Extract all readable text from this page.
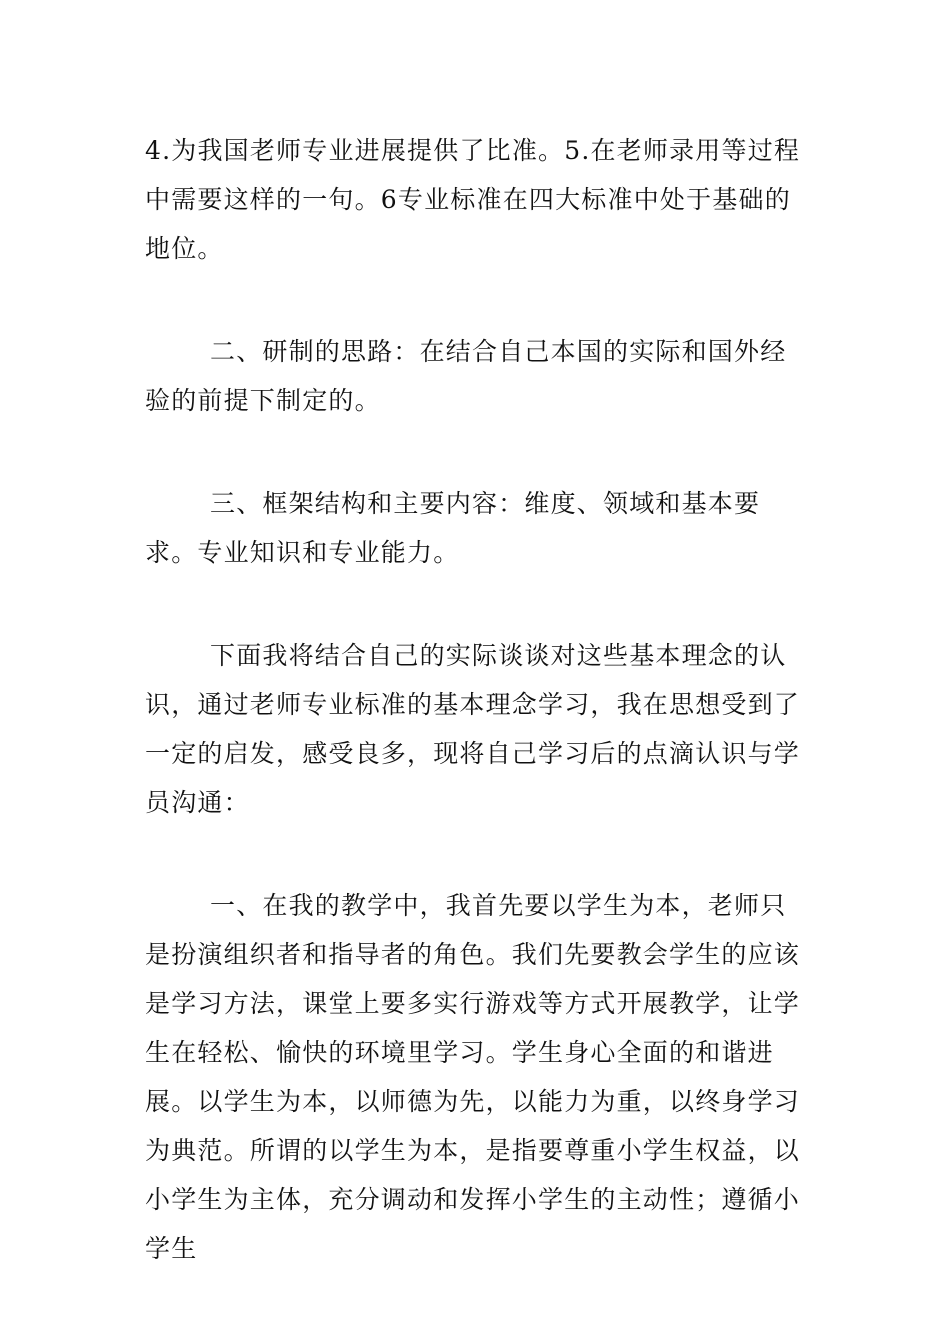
4.为我国老师专业进展提供了比准。5.在老师录用等过程中需要这样的一句。6专业标准在四大标准中处于基础的地位。

二、研制的思路：在结合自己本国的实际和国外经验的前提下制定的。

三、框架结构和主要内容：维度、领域和基本要求。专业知识和专业能力。

下面我将结合自己的实际谈谈对这些基本理念的认识，通过老师专业标准的基本理念学习，我在思想受到了一定的启发，感受良多，现将自己学习后的点滴认识与学员沟通：

一、在我的教学中，我首先要以学生为本，老师只是扮演组织者和指导者的角色。我们先要教会学生的应该是学习方法，课堂上要多实行游戏等方式开展教学，让学生在轻松、愉快的环境里学习。学生身心全面的和谐进展。以学生为本，以师德为先，以能力为重，以终身学习为典范。所谓的以学生为本，是指要尊重小学生权益，以小学生为主体，充分调动和发挥小学生的主动性；遵循小学生
